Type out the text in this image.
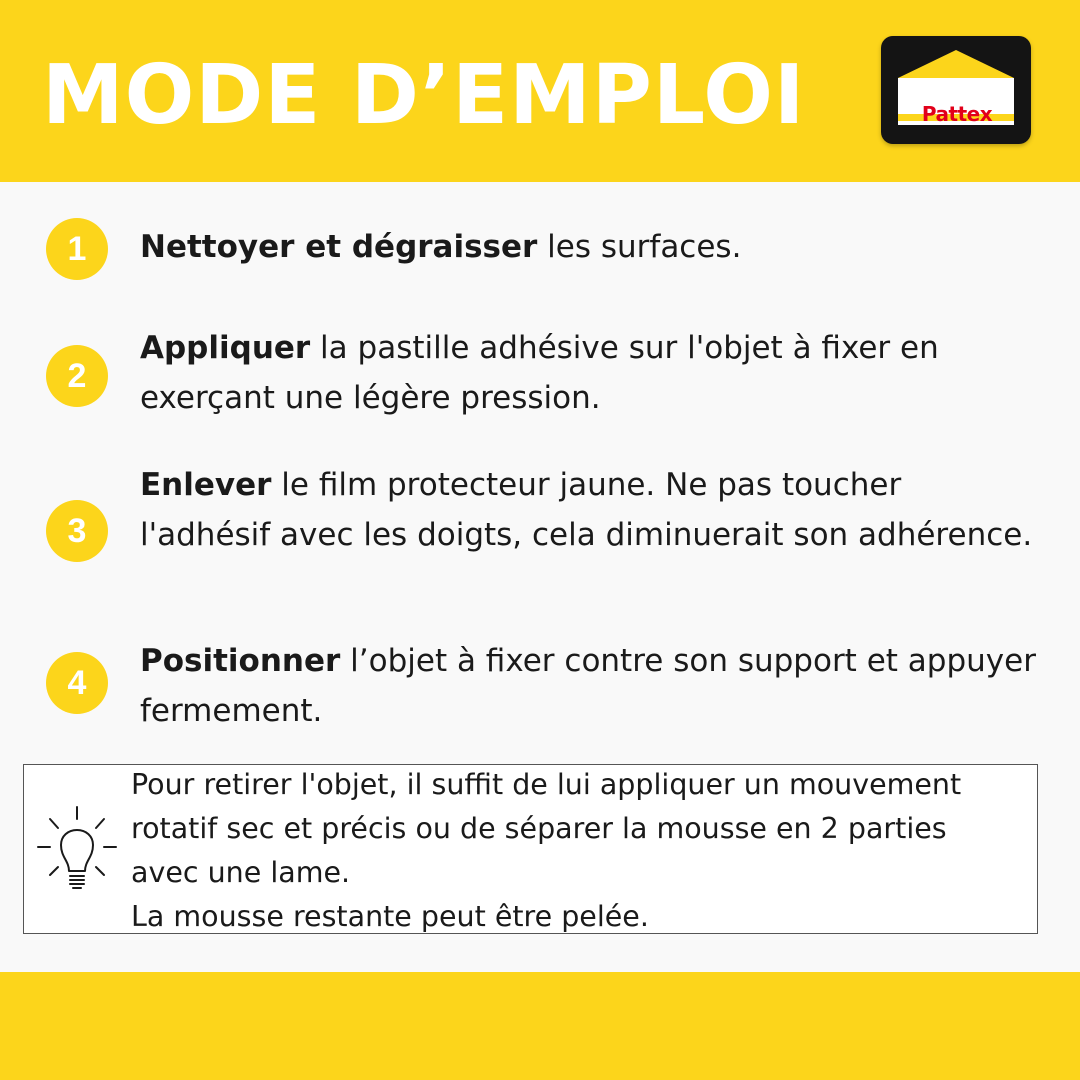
MODE D’EMPLOI	Pattex
1	Nettoyer et dégraisser les surfaces.

2

Appliquer la pastille adhésive sur l'objet à fixer en exerçant une légère pression.

3

Enlever le film protecteur jaune. Ne pas toucher l'adhésif avec les doigts, cela diminuerait son adhérence.

4

Positionner l’objet à fixer contre son support et appuyer fermement.

Pour retirer l'objet, il suffit de lui appliquer un mouvement
rotatif sec et précis ou de séparer la mousse en 2 parties
avec une lame.
La mousse restante peut être pelée.
